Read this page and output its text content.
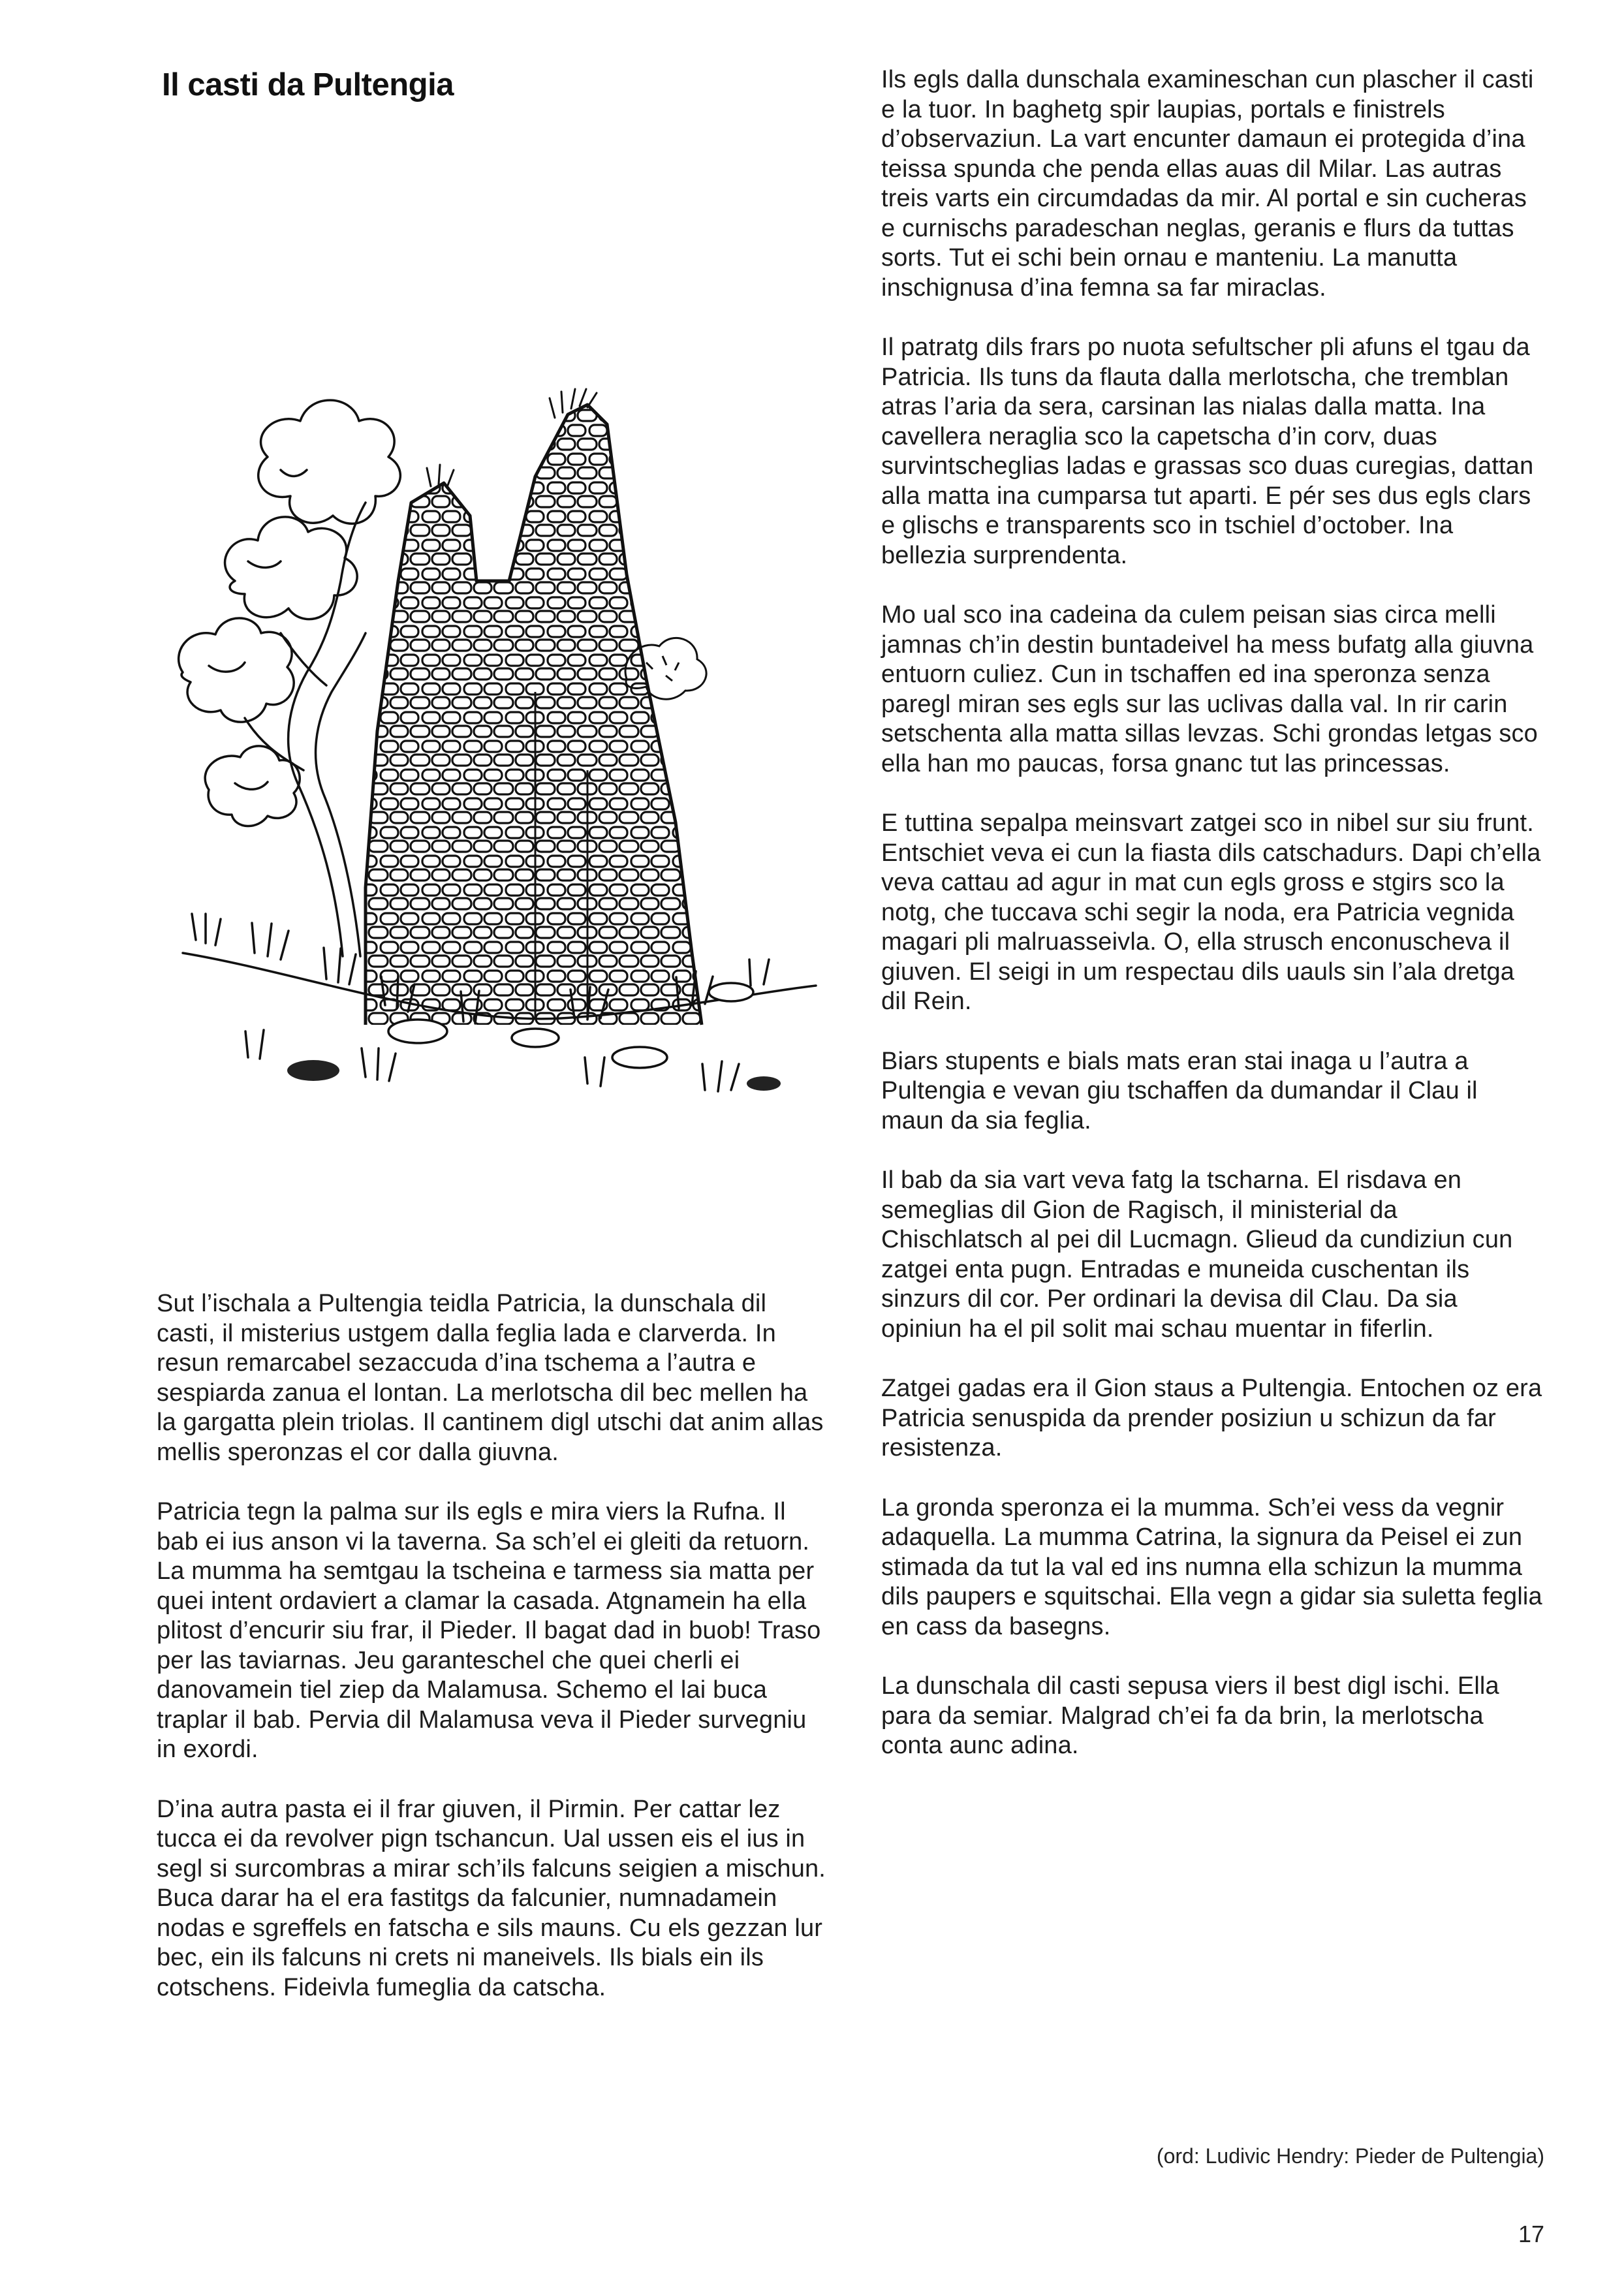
Il casti da Pultengia

Sut l’ischala a Pultengia teidla Patricia, la dunschala dil casti, il misterius ustgem dalla feglia lada e clarverda. In resun remarcabel sezaccuda d’ina tschema a l’autra e sespiarda zanua el lontan. La merlotscha dil bec mellen ha la gargatta plein triolas. Il cantinem digl utschi dat anim allas mellis speronzas el cor dalla giuvna.

Patricia tegn la palma sur ils egls e mira viers la Rufna. Il bab ei ius anson vi la taverna. Sa sch’el ei gleiti da retuorn. La mumma ha semtgau la tscheina e tarmess sia matta per quei intent ordaviert a clamar la casada. Atgnamein ha ella plitost d’encurir siu frar, il Pieder. Il bagat dad in buob! Traso per las taviarnas. Jeu garanteschel che quei cherli ei danovamein tiel ziep da Malamusa. Schemo el lai buca traplar il bab. Pervia dil Malamusa veva il Pieder survegniu in exordi.

D’ina autra pasta ei il frar giuven, il Pirmin. Per cattar lez tucca ei da revolver pign tschancun. Ual ussen eis el ius in segl si surcombras a mirar sch’ils falcuns seigien a mischun. Buca darar ha el era fastitgs da falcunier, numnadamein nodas e sgreffels en fatscha e sils mauns. Cu els gezzan lur bec, ein ils falcuns ni crets ni maneivels. Ils bials ein ils cotschens. Fideivla fumeglia da catscha.

Ils egls dalla dunschala examineschan cun plascher il casti e la tuor. In baghetg spir laupias, portals e finistrels d’observaziun. La vart encunter damaun ei protegida d’ina teissa spunda che penda ellas auas dil Milar. Las autras treis varts ein circumdadas da mir. Al portal e sin cucheras e curnischs paradeschan neglas, geranis e flurs da tuttas sorts. Tut ei schi bein ornau e manteniu. La manutta inschignusa d’ina femna sa far miraclas.

Il patratg dils frars po nuota sefultscher pli afuns el tgau da Patricia. Ils tuns da flauta dalla merlotscha, che tremblan atras l’aria da sera, carsinan las nialas dalla matta. Ina cavellera neraglia sco la capetscha d’in corv, duas survintscheglias ladas e grassas sco duas curegias, dattan alla matta ina cumparsa tut aparti. E pér ses dus egls clars e glischs e transparents sco in tschiel d’october. Ina bellezia surprendenta.

Mo ual sco ina cadeina da culem peisan sias circa melli jamnas ch’in destin buntadeivel ha mess bufatg alla giuvna entuorn culiez. Cun in tschaffen ed ina speronza senza paregl miran ses egls sur las uclivas dalla val. In rir carin setschenta alla matta sillas levzas. Schi grondas letgas sco ella han mo paucas, forsa gnanc tut las princessas.

E tuttina sepalpa meinsvart zatgei sco in nibel sur siu frunt. Entschiet veva ei cun la fiasta dils catschadurs. Dapi ch’ella veva cattau ad agur in mat cun egls gross e stgirs sco la notg, che tuccava schi segir la noda, era Patricia vegnida magari pli malruasseivla. O, ella strusch enconuscheva il giuven. El seigi in um respectau dils uauls sin l’ala dretga dil Rein.

Biars stupents e bials mats eran stai inaga u l’autra a Pultengia e vevan giu tschaffen da dumandar il Clau il maun da sia feglia.

Il bab da sia vart veva fatg la tscharna. El risdava en semeglias dil Gion de Ragisch, il ministerial da Chischlatsch al pei dil Lucmagn. Glieud da cundiziun cun zatgei enta pugn. Entradas e muneida cuschentan ils sinzurs dil cor. Per ordinari la devisa dil Clau. Da sia opiniun ha el pil solit mai schau muentar in fiferlin.

Zatgei gadas era il Gion staus a Pultengia. Entochen oz era Patricia senuspida da prender posiziun u schizun da far resistenza.

La gronda speronza ei la mumma. Sch’ei vess da vegnir adaquella. La mumma Catrina, la signura da Peisel ei zun stimada da tut la val ed ins numna ella schizun la mumma dils paupers e squitschai. Ella vegn a gidar sia suletta feglia en cass da basegns.

La dunschala dil casti sepusa viers il best digl ischi. Ella para da semiar. Malgrad ch’ei fa da brin, la merlotscha conta aunc adina.

(ord: Ludivic Hendry: Pieder de Pultengia)
17
